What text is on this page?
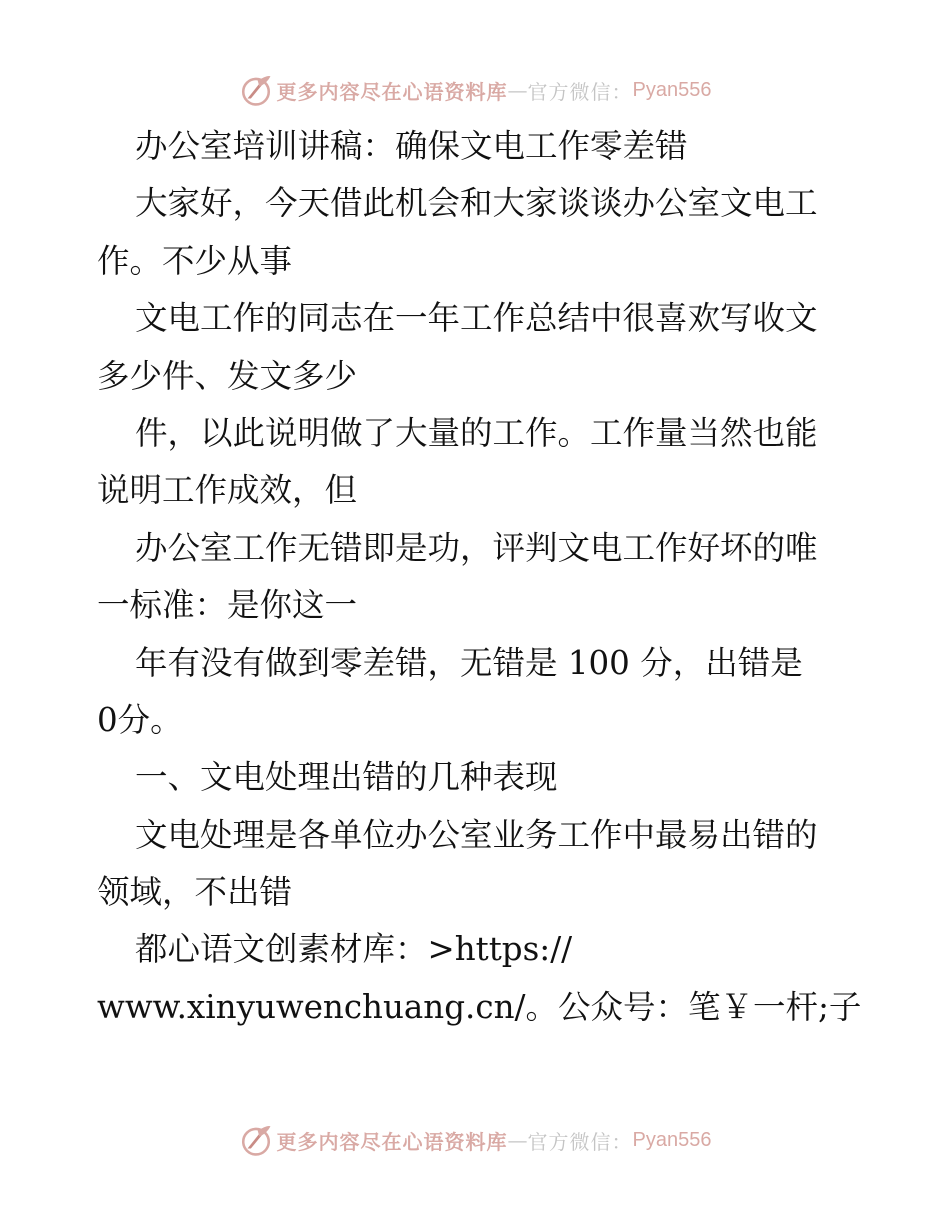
更多内容尽在心语资料库 — 官方微信： Pyan556
办公室培训讲稿：确保文电工作零差错
大家好，今天借此机会和大家谈谈办公室文电工
作。不少从事
文电工作的同志在一年工作总结中很喜欢写收文
多少件、发文多少
件，以此说明做了大量的工作。工作量当然也能
说明工作成效，但
办公室工作无错即是功，评判文电工作好坏的唯
一标准：是你这一
年有没有做到零差错，无错是 100 分，出错是
0分。
一、文电处理出错的几种表现
文电处理是各单位办公室业务工作中最易出错的
领域，不出错
都心语文创素材库：>https://
www.xinyuwenchuang.cn/。公众号：笔￥一杆;子
更多内容尽在心语资料库 — 官方微信： Pyan556
